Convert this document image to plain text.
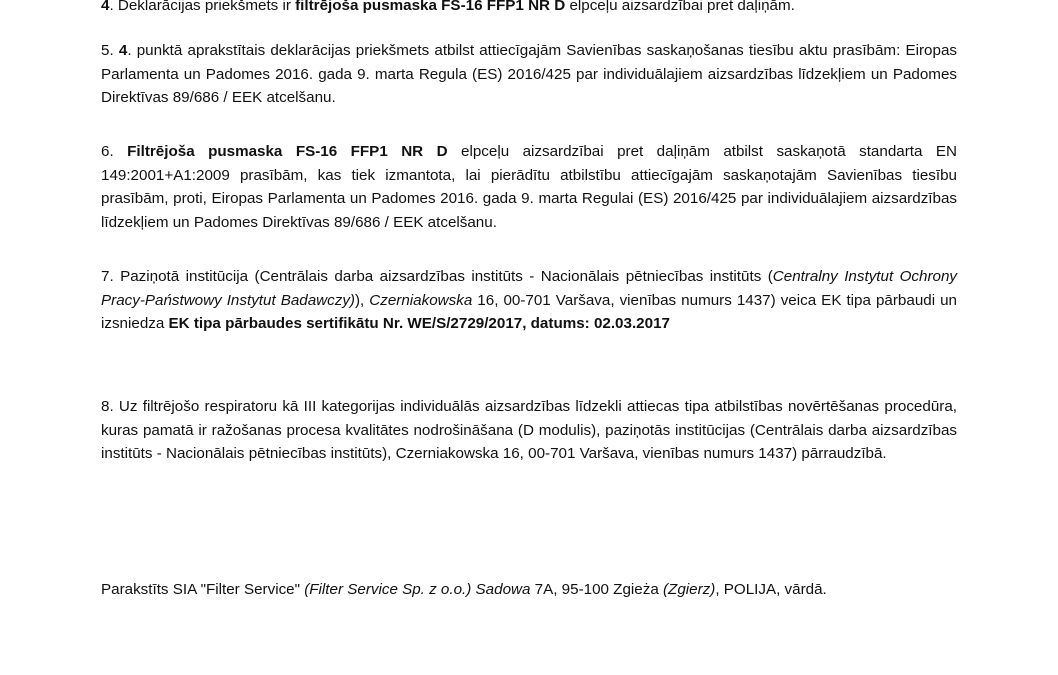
4. Deklarācijas priekšmets ir filtrējoša pusmaska FS-16 FFP1 NR D elpceļu aizsardzībai pret daļiņām.

5. 4. punktā aprakstītais deklarācijas priekšmets atbilst attiecīgajām Savienības saskaņošanas tiesību aktu prasībām: Eiropas Parlamenta un Padomes 2016. gada 9. marta Regula (ES) 2016/425 par individuālajiem aizsardzības līdzekļiem un Padomes Direktīvas 89/686 / EEK atcelšanu.

6. Filtrējoša pusmaska FS-16 FFP1 NR D elpceļu aizsardzībai pret daļiņām atbilst saskaņotā standarta EN 149:2001+A1:2009 prasībām, kas tiek izmantota, lai pierādītu atbilstību attiecīgajām saskaņotajām Savienības tiesību prasībām, proti, Eiropas Parlamenta un Padomes 2016. gada 9. marta Regulai (ES) 2016/425 par individuālajiem aizsardzības līdzekļiem un Padomes Direktīvas 89/686 / EEK atcelšanu.

7. Paziņotā institūcija (Centrālais darba aizsardzības institūts - Nacionālais pētniecības institūts (Centralny Instytut Ochrony Pracy-Państwowy Instytut Badawczy)), Czerniakowska 16, 00-701 Varšava, vienības numurs 1437) veica EK tipa pārbaudi un izsniedza EK tipa pārbaudes sertifikātu Nr. WE/S/2729/2017, datums: 02.03.2017

8. Uz filtrējošo respiratoru kā III kategorijas individuālās aizsardzības līdzekli attiecas tipa atbilstības novērtēšanas procedūra, kuras pamatā ir ražošanas procesa kvalitātes nodrošināšana (D modulis), paziņotās institūcijas (Centrālais darba aizsardzības institūts - Nacionālais pētniecības institūts), Czerniakowska 16, 00-701 Varšava, vienības numurs 1437) pārraudzībā.

Parakstīts SIA "Filter Service" (Filter Service Sp. z o.o.) Sadowa 7A, 95-100 Zgieża (Zgierz), POLIJA, vārdā.
